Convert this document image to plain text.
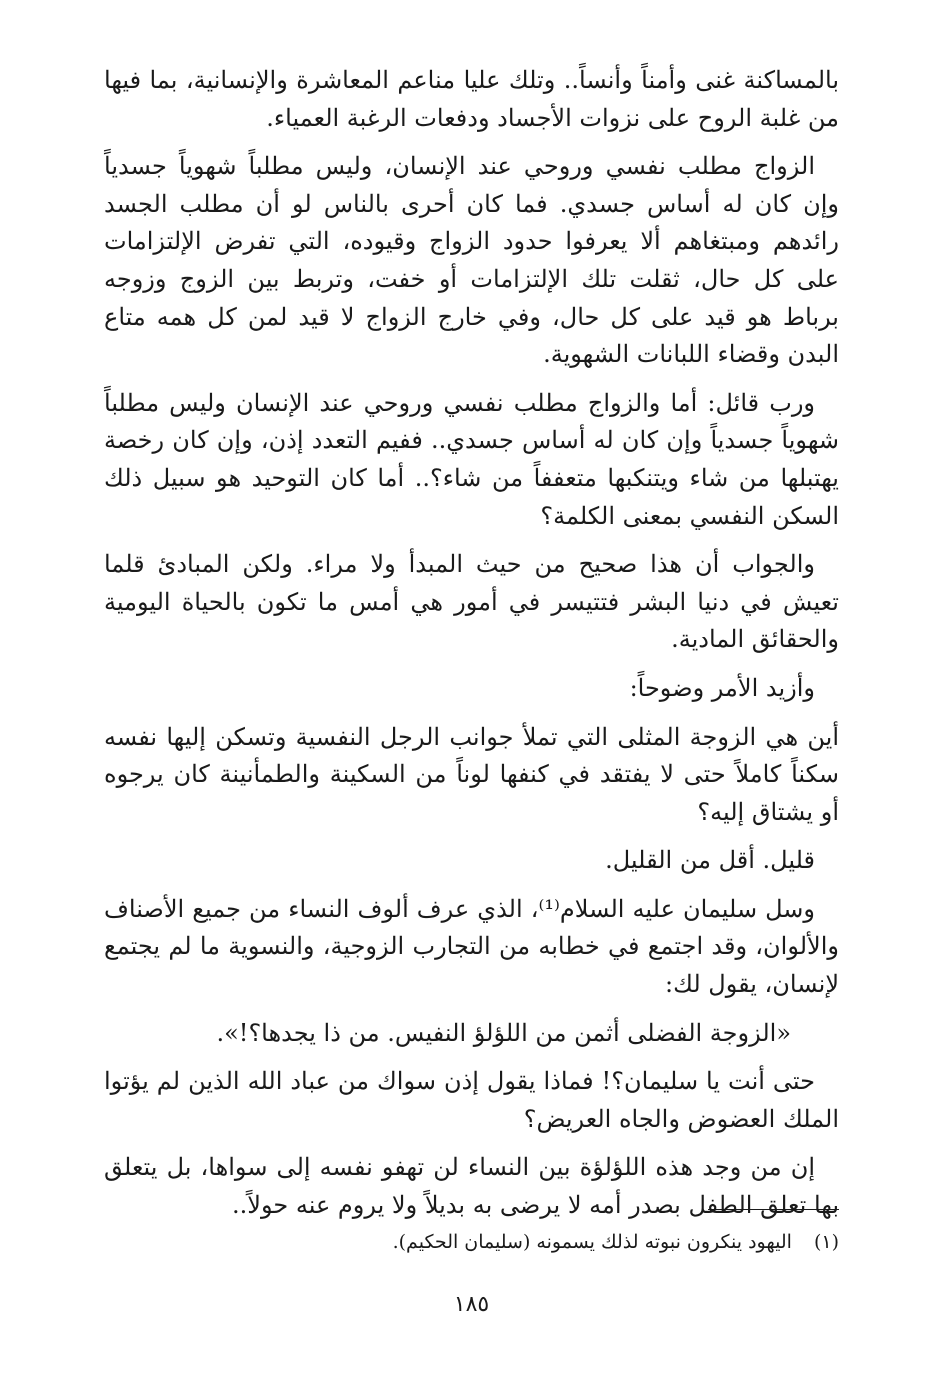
بالمساكنة غنى وأمناً وأنساً.. وتلك عليا مناعم المعاشرة والإنسانية، بما فيها من غلبة الروح على نزوات الأجساد ودفعات الرغبة العمياء.

الزواج مطلب نفسي وروحي عند الإنسان، وليس مطلباً شهوياً جسدياً وإن كان له أساس جسدي. فما كان أحرى بالناس لو أن مطلب الجسد رائدهم ومبتغاهم ألا يعرفوا حدود الزواج وقيوده، التي تفرض الإلتزامات على كل حال، ثقلت تلك الإلتزامات أو خفت، وتربط بين الزوج وزوجه برباط هو قيد على كل حال، وفي خارج الزواج لا قيد لمن كل همه متاع البدن وقضاء اللبانات الشهوية.

ورب قائل: أما والزواج مطلب نفسي وروحي عند الإنسان وليس مطلباً شهوياً جسدياً وإن كان له أساس جسدي.. ففيم التعدد إذن، وإن كان رخصة يهتبلها من شاء ويتنكبها متعففاً من شاء؟.. أما كان التوحيد هو سبيل ذلك السكن النفسي بمعنى الكلمة؟

والجواب أن هذا صحيح من حيث المبدأ ولا مراء. ولكن المبادئ قلما تعيش في دنيا البشر فتتيسر في أمور هي أمس ما تكون بالحياة اليومية والحقائق المادية.

وأزيد الأمر وضوحاً:

أين هي الزوجة المثلى التي تملأ جوانب الرجل النفسية وتسكن إليها نفسه سكناً كاملاً حتى لا يفتقد في كنفها لوناً من السكينة والطمأنينة كان يرجوه أو يشتاق إليه؟

قليل. أقل من القليل.

وسل سليمان عليه السلام⁽¹⁾، الذي عرف ألوف النساء من جميع الأصناف والألوان، وقد اجتمع في خطابه من التجارب الزوجية، والنسوية ما لم يجتمع لإنسان، يقول لك:

«الزوجة الفضلى أثمن من اللؤلؤ النفيس. من ذا يجدها؟!».

حتى أنت يا سليمان؟! فماذا يقول إذن سواك من عباد الله الذين لم يؤتوا الملك العضوض والجاه العريض؟

إن من وجد هذه اللؤلؤة بين النساء لن تهفو نفسه إلى سواها، بل يتعلق بها تعلق الطفل بصدر أمه لا يرضى به بديلاً ولا يروم عنه حولاً..

(١)اليهود ينكرون نبوته لذلك يسمونه (سليمان الحكيم).
١٨٥
